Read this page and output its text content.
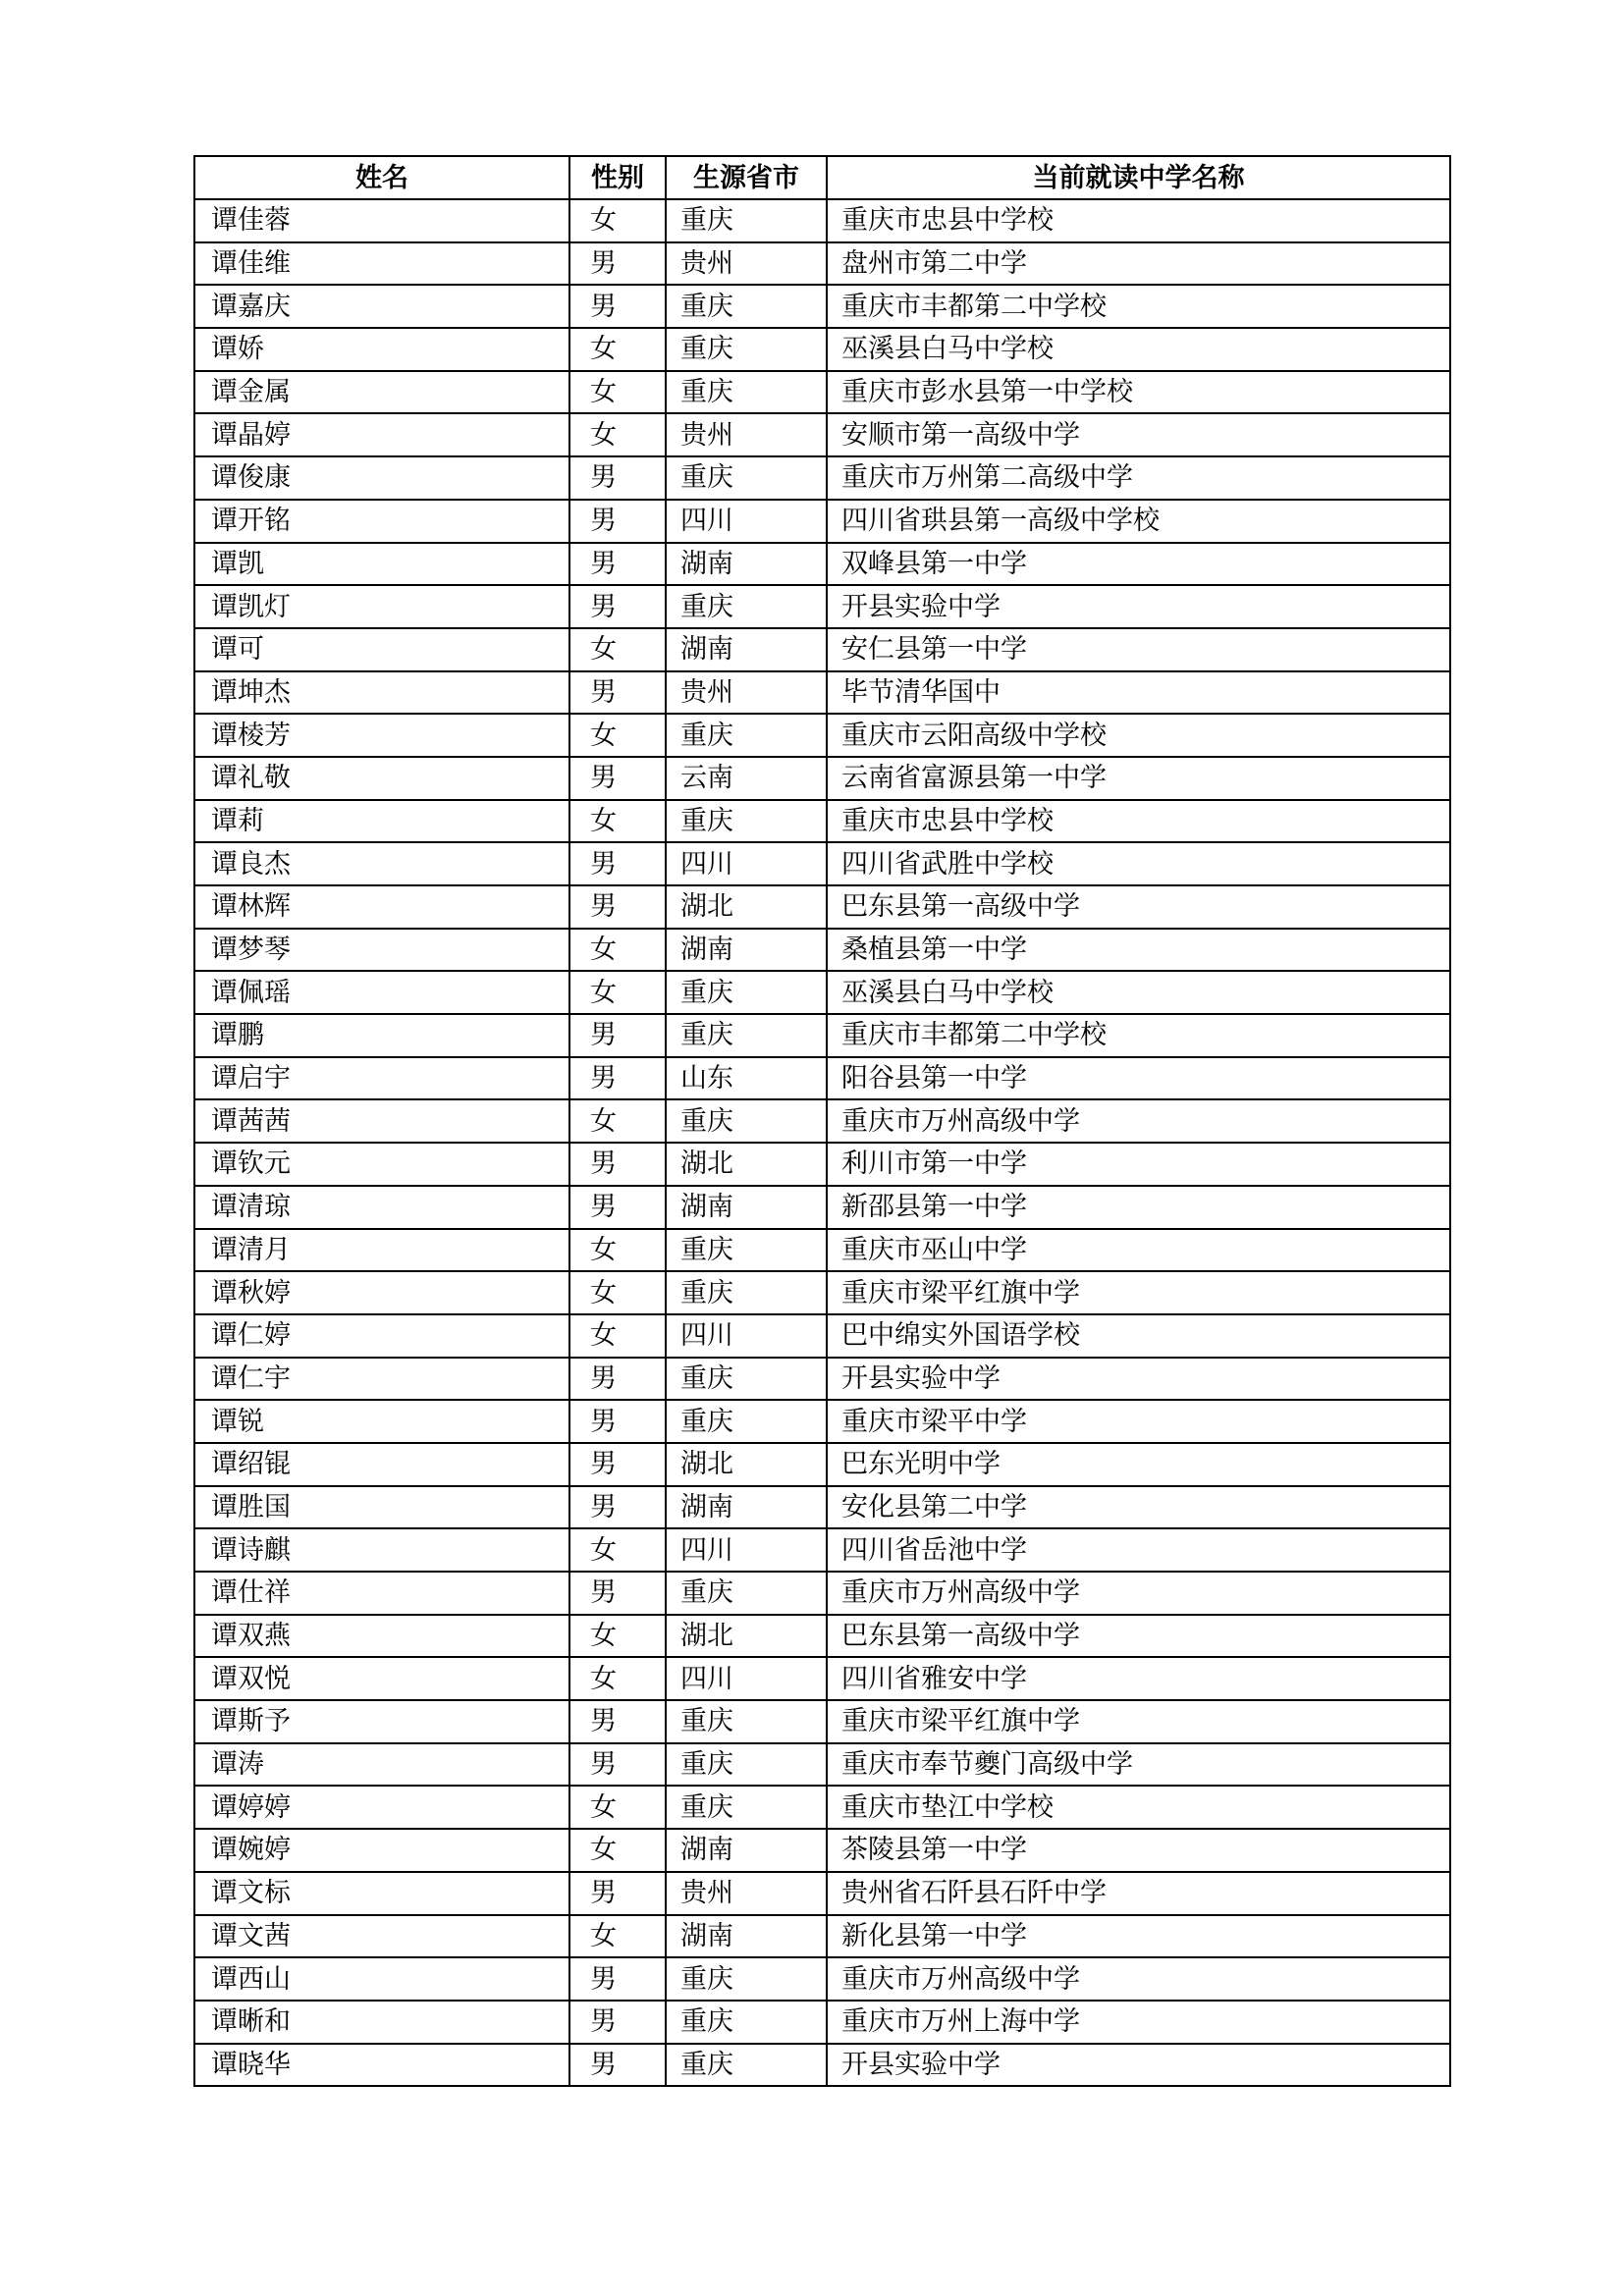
姓名	性别	生源省市	当前就读中学名称
谭佳蓉	女	重庆	重庆市忠县中学校
谭佳维	男	贵州	盘州市第二中学
谭嘉庆	男	重庆	重庆市丰都第二中学校
谭娇	女	重庆	巫溪县白马中学校
谭金属	女	重庆	重庆市彭水县第一中学校
谭晶婷	女	贵州	安顺市第一高级中学
谭俊康	男	重庆	重庆市万州第二高级中学
谭开铭	男	四川	四川省珙县第一高级中学校
谭凯	男	湖南	双峰县第一中学
谭凯灯	男	重庆	开县实验中学
谭可	女	湖南	安仁县第一中学
谭坤杰	男	贵州	毕节清华国中
谭棱芳	女	重庆	重庆市云阳高级中学校
谭礼敬	男	云南	云南省富源县第一中学
谭莉	女	重庆	重庆市忠县中学校
谭良杰	男	四川	四川省武胜中学校
谭林辉	男	湖北	巴东县第一高级中学
谭梦琴	女	湖南	桑植县第一中学
谭佩瑶	女	重庆	巫溪县白马中学校
谭鹏	男	重庆	重庆市丰都第二中学校
谭启宇	男	山东	阳谷县第一中学
谭茜茜	女	重庆	重庆市万州高级中学
谭钦元	男	湖北	利川市第一中学
谭清琼	男	湖南	新邵县第一中学
谭清月	女	重庆	重庆市巫山中学
谭秋婷	女	重庆	重庆市梁平红旗中学
谭仁婷	女	四川	巴中绵实外国语学校
谭仁宇	男	重庆	开县实验中学
谭锐	男	重庆	重庆市梁平中学
谭绍锟	男	湖北	巴东光明中学
谭胜国	男	湖南	安化县第二中学
谭诗麒	女	四川	四川省岳池中学
谭仕祥	男	重庆	重庆市万州高级中学
谭双燕	女	湖北	巴东县第一高级中学
谭双悦	女	四川	四川省雅安中学
谭斯予	男	重庆	重庆市梁平红旗中学
谭涛	男	重庆	重庆市奉节夔门高级中学
谭婷婷	女	重庆	重庆市垫江中学校
谭婉婷	女	湖南	茶陵县第一中学
谭文标	男	贵州	贵州省石阡县石阡中学
谭文茜	女	湖南	新化县第一中学
谭西山	男	重庆	重庆市万州高级中学
谭晰和	男	重庆	重庆市万州上海中学
谭晓华	男	重庆	开县实验中学
